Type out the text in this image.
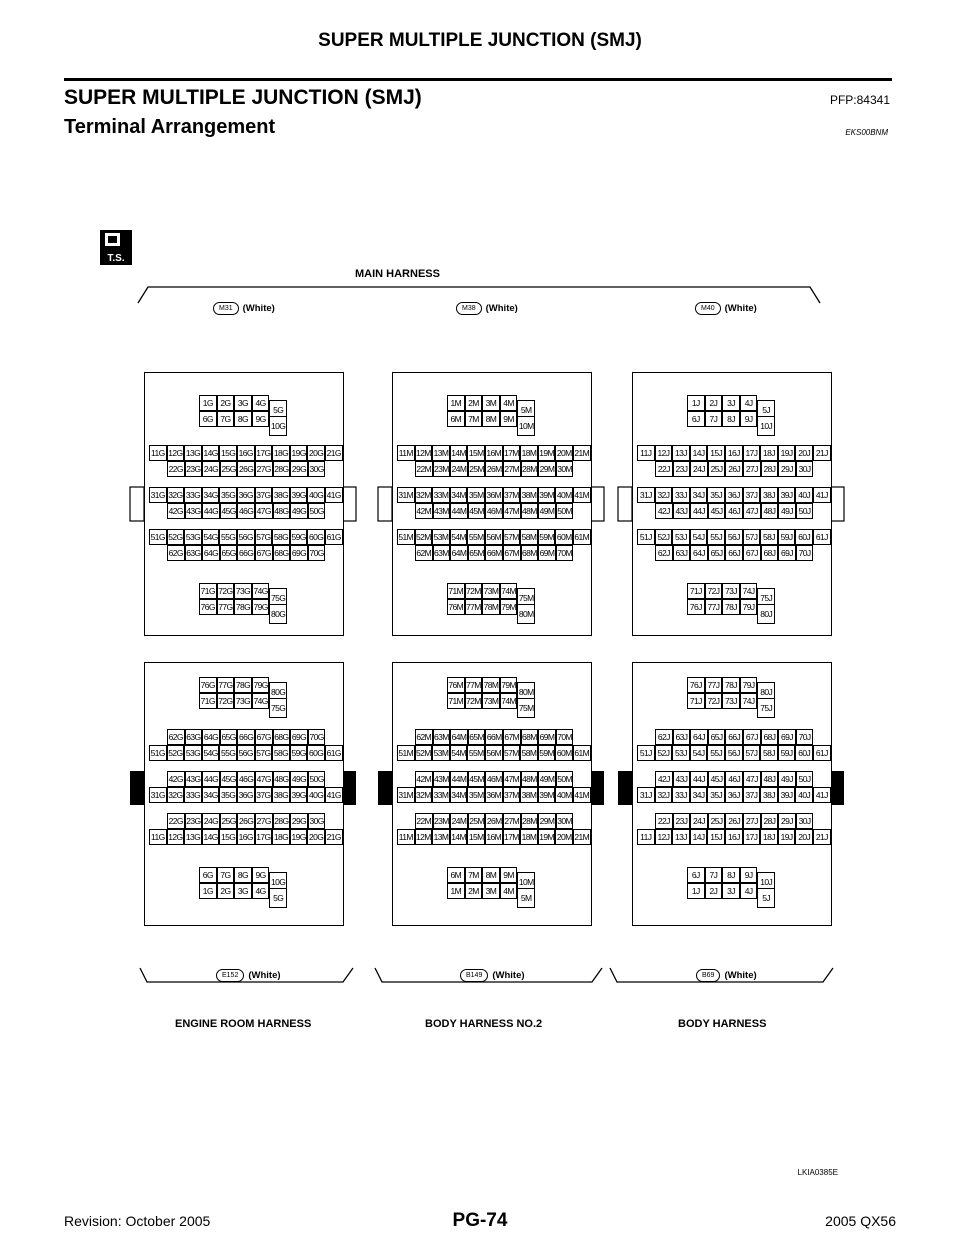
SUPER MULTIPLE JUNCTION (SMJ)
SUPER MULTIPLE JUNCTION (SMJ)	PFP:84341
Terminal Arrangement	EKS00BNM
MAIN HARNESS
T.S.
M31	(White)	M38	(White)	M40	(White)
E152	(White)	B149	(White)	B69	(White)
ENGINE ROOM HARNESS	BODY HARNESS NO.2	BODY HARNESS
1G 2G 3G 4G
5G
6G 7G 8G 9G
10G
11G 12G 13G 14G 15G 16G 17G 18G 19G 20G 21G
22G 23G 24G 25G 26G 27G 28G 29G 30G
31G 32G 33G 34G 35G 36G 37G 38G 39G 40G 41G
42G 43G 44G 45G 46G 47G 48G 49G 50G
51G 52G 53G 54G 55G 56G 57G 58G 59G 60G 61G
62G 63G 64G 65G 66G 67G 68G 69G 70G
71G 72G 73G 74G
75G
76G 77G 78G 79G
80G
1M 2M 3M 4M
5M
6M 7M 8M 9M
10M
11M 12M 13M 14M 15M 16M 17M 18M 19M 20M 21M
22M 23M 24M 25M 26M 27M 28M 29M 30M
31M 32M 33M 34M 35M 36M 37M 38M 39M 40M 41M
42M 43M 44M 45M 46M 47M 48M 49M 50M
51M 52M 53M 54M 55M 56M 57M 58M 59M 60M 61M
62M 63M 64M 65M 66M 67M 68M 69M 70M
71M 72M 73M 74M
75M
76M 77M 78M 79M
80M
1J	2J	3J	4J
5J
6J	7J	8J	9J
10J
11J 12J 13J 14J 15J 16J 17J 18J 19J 20J 21J
22J 23J 24J 25J 26J 27J 28J 29J 30J
31J 32J 33J 34J 35J 36J 37J 38J 39J 40J 41J
42J 43J 44J 45J 46J 47J 48J 49J 50J
51J 52J 53J 54J 55J 56J 57J 58J 59J 60J 61J
62J 63J 64J 65J 66J 67J 68J 69J 70J
71J 72J 73J 74J
75J
76J 77J 78J 79J
80J
76G 77G 78G 79G
80G
71G 72G 73G 74G
75G
62G 63G 64G 65G 66G 67G 68G 69G 70G
51G 52G 53G 54G 55G 56G 57G 58G 59G 60G 61G
42G 43G 44G 45G 46G 47G 48G 49G 50G
31G 32G 33G 34G 35G 36G 37G 38G 39G 40G 41G
22G 23G 24G 25G 26G 27G 28G 29G 30G
11G 12G 13G 14G 15G 16G 17G 18G 19G 20G 21G
6G 7G 8G 9G
10G
1G 2G 3G 4G
5G
76M 77M 78M 79M
80M
71M 72M 73M 74M
75M
62M 63M 64M 65M 66M 67M 68M 69M 70M
51M 52M 53M 54M 55M 56M 57M 58M 59M 60M 61M
42M 43M 44M 45M 46M 47M 48M 49M 50M
31M 32M 33M 34M 35M 36M 37M 38M 39M 40M 41M
22M 23M 24M 25M 26M 27M 28M 29M 30M
11M 12M 13M 14M 15M 16M 17M 18M 19M 20M 21M
6M 7M 8M 9M
10M
1M 2M 3M 4M
5M
76J 77J 78J 79J
80J
71J 72J 73J 74J
75J
62J 63J 64J 65J 66J 67J 68J 69J 70J
51J 52J 53J 54J 55J 56J 57J 58J 59J 60J 61J
42J 43J 44J 45J 46J 47J 48J 49J 50J
31J 32J 33J 34J 35J 36J 37J 38J 39J 40J 41J
22J 23J 24J 25J 26J 27J 28J 29J 30J
11J 12J 13J 14J 15J 16J 17J 18J 19J 20J 21J
6J	7J	8J	9J
10J
1J	2J	3J	4J
5J
LKIA0385E
Revision: October 2005	PG-74	2005 QX56
